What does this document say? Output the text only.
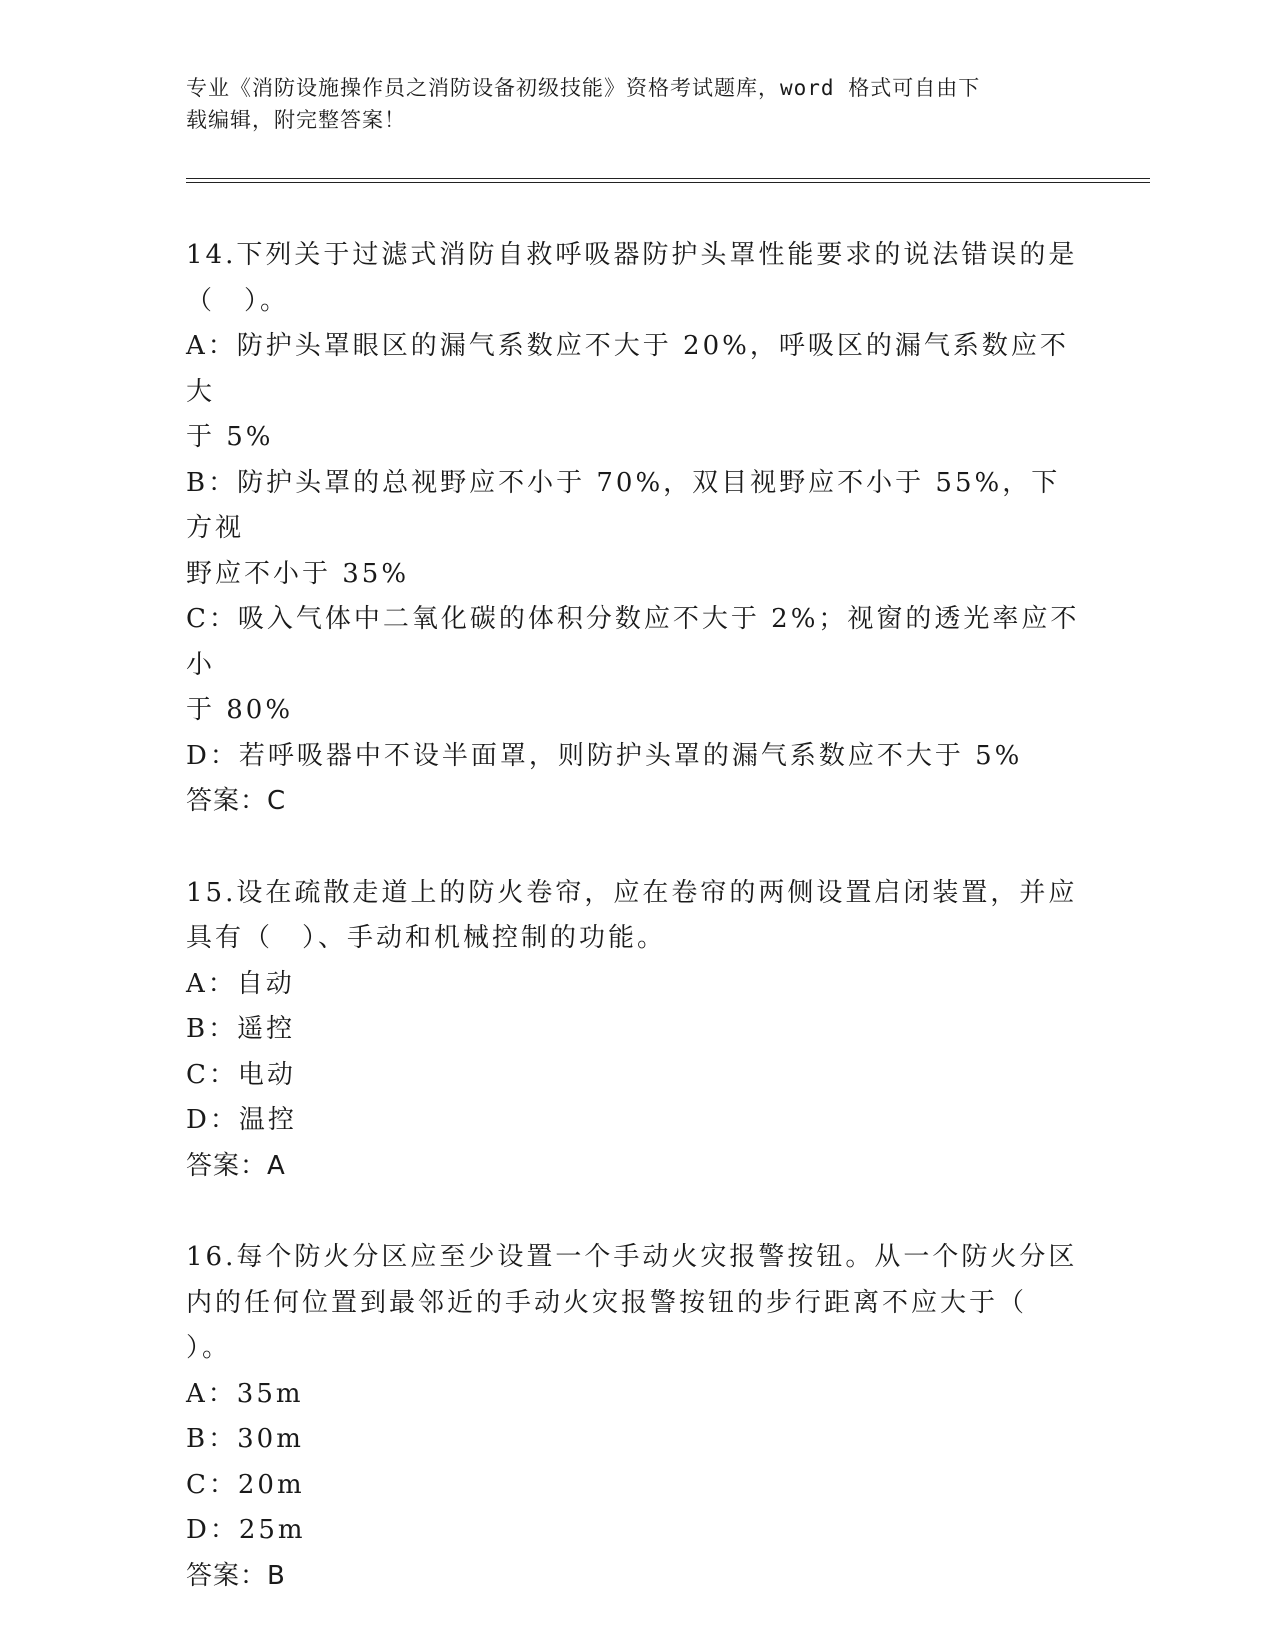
专业《消防设施操作员之消防设备初级技能》资格考试题库，word 格式可自由下
载编辑，附完整答案！
14.下列关于过滤式消防自救呼吸器防护头罩性能要求的说法错误的是
（　）。
A：防护头罩眼区的漏气系数应不大于 20%，呼吸区的漏气系数应不大
于 5%
B：防护头罩的总视野应不小于 70%，双目视野应不小于 55%，下方视
野应不小于 35%
C：吸入气体中二氧化碳的体积分数应不大于 2%；视窗的透光率应不小
于 80%
D：若呼吸器中不设半面罩，则防护头罩的漏气系数应不大于 5%
答案：C
15.设在疏散走道上的防火卷帘，应在卷帘的两侧设置启闭装置，并应
具有（　）、手动和机械控制的功能。
A：自动
B：遥控
C：电动
D：温控
答案：A
16.每个防火分区应至少设置一个手动火灾报警按钮。从一个防火分区
内的任何位置到最邻近的手动火灾报警按钮的步行距离不应大于（
）。
A：35m
B：30m
C：20m
D：25m
答案：B
